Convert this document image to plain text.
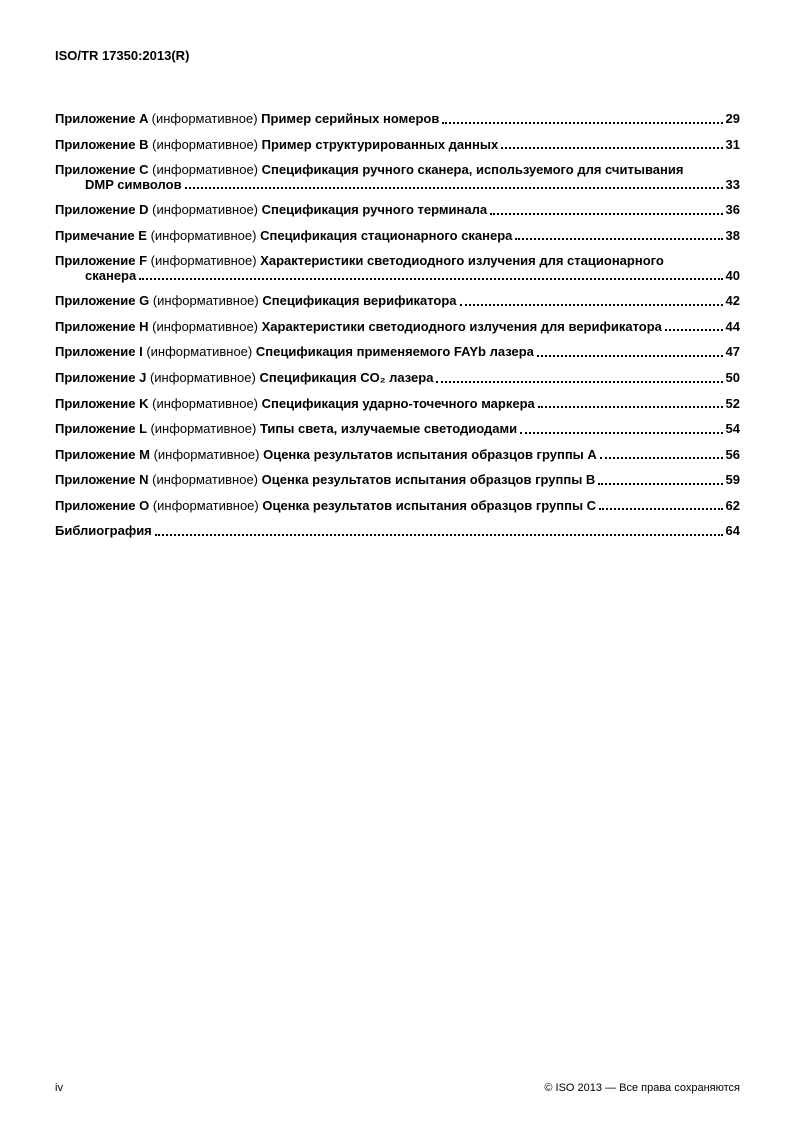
ISO/TR 17350:2013(R)
Приложение A (информативное) Пример серийных номеров	29
Приложение B (информативное) Пример структурированных данных	31
Приложение C (информативное) Спецификация ручного сканера, используемого для считывания DMP символов	33
Приложение D (информативное) Спецификация ручного терминала	36
Примечание E (информативное) Спецификация стационарного сканера	38
Приложение F (информативное) Характеристики светодиодного излучения для стационарного сканера	40
Приложение G (информативное) Спецификация верификатора	42
Приложение H (информативное) Характеристики светодиодного излучения для верификатора	44
Приложение I (информативное) Спецификация применяемого FAYb лазера	47
Приложение J (информативное) Спецификация CO₂ лазера	50
Приложение K (информативное) Спецификация ударно-точечного маркера	52
Приложение L (информативное) Типы света, излучаемые светодиодами	54
Приложение M (информативное) Оценка результатов испытания образцов группы A	56
Приложение N (информативное) Оценка результатов испытания образцов группы B	59
Приложение O (информативное) Оценка результатов испытания образцов группы C	62
Библиография	64
iv	© ISO 2013 — Все права сохраняются
